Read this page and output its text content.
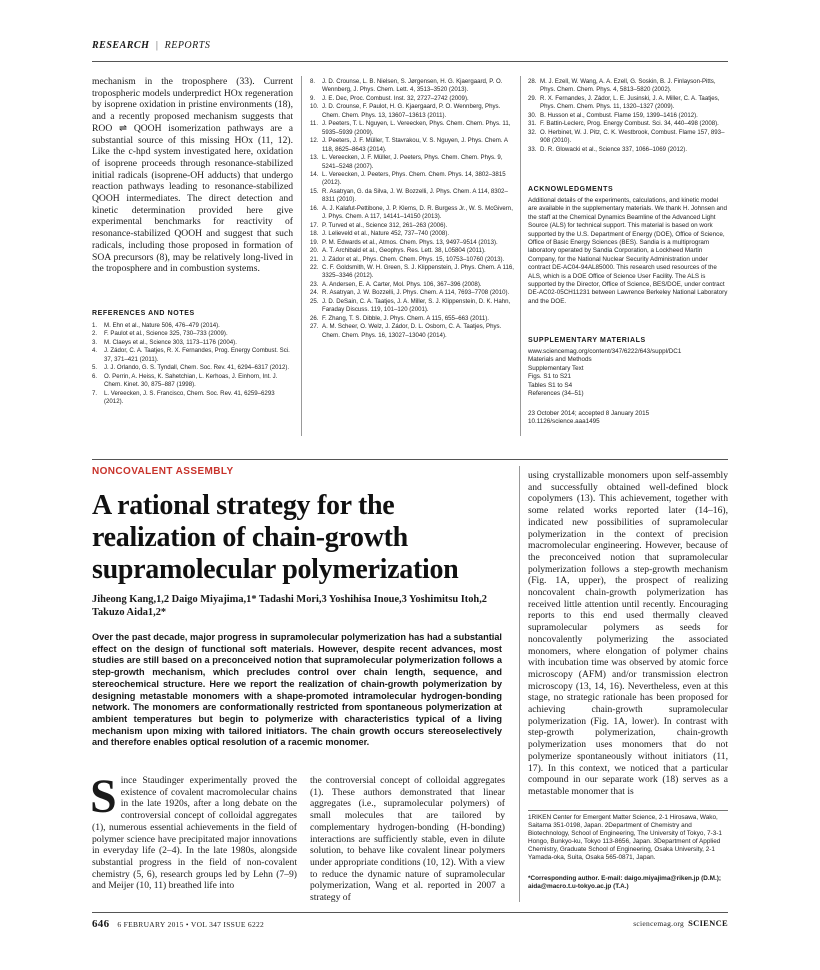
RESEARCH | REPORTS

mechanism in the troposphere (33). Current tropospheric models underpredict HOx regeneration by isoprene oxidation in pristine environments (18), and a recently proposed mechanism suggests that ROO ⇌ QOOH isomerization pathways are a substantial source of this missing HOx (11, 12). Like the c-hpd system investigated here, oxidation of isoprene proceeds through resonance-stabilized initial radicals (isoprene-OH adducts) that undergo reaction pathways leading to resonance-stabilized QOOH intermediates. The direct detection and kinetic determination provided here give experimental benchmarks for reactivity of resonance-stabilized QOOH and suggest that such radicals, including those proposed in formation of SOA precursors (8), may be relatively long-lived in the troposphere and in combustion systems.

REFERENCES AND NOTES
1.	M. Ehn et al., Nature 506, 476–479 (2014).
2.	F. Paulot et al., Science 325, 730–733 (2009).
3.	M. Claeys et al., Science 303, 1173–1176 (2004).
4.	J. Zádor, C. A. Taatjes, R. X. Fernandes, Prog. Energy Combust. Sci. 37, 371–421 (2011).
5.	J. J. Orlando, G. S. Tyndall, Chem. Soc. Rev. 41, 6294–6317 (2012).
6.	O. Perrin, A. Heiss, K. Sahetchian, L. Kerhoas, J. Einhorn, Int. J. Chem. Kinet. 30, 875–887 (1998).
7.	L. Vereecken, J. S. Francisco, Chem. Soc. Rev. 41, 6259–6293 (2012).
8.	J. D. Crounse, L. B. Nielsen, S. Jørgensen, H. G. Kjaergaard, P. O. Wennberg, J. Phys. Chem. Lett. 4, 3513–3520 (2013).
9.	J. E. Dec, Proc. Combust. Inst. 32, 2727–2742 (2009).
10. J. D. Crounse, F. Paulot, H. G. Kjaergaard, P. O. Wennberg, Phys. Chem. Chem. Phys. 13, 13607–13613 (2011).
11. J. Peeters, T. L. Nguyen, L. Vereecken, Phys. Chem. Chem. Phys. 11, 5935–5939 (2009).
12. J. Peeters, J. F. Müller, T. Stavrakou, V. S. Nguyen, J. Phys. Chem. A 118, 8625–8643 (2014).
13. L. Vereecken, J. F. Müller, J. Peeters, Phys. Chem. Chem. Phys. 9, 5241–5248 (2007).
14. L. Vereecken, J. Peeters, Phys. Chem. Chem. Phys. 14, 3802–3815 (2012).
15. R. Asatryan, G. da Silva, J. W. Bozzelli, J. Phys. Chem. A 114, 8302–8311 (2010).
16. A. J. Kalafut-Pettibone, J. P. Klems, D. R. Burgess Jr., W. S. McGivern, J. Phys. Chem. A 117, 14141–14150 (2013).
17. P. Turved et al., Science 312, 261–263 (2006).
18. J. Lelieveld et al., Nature 452, 737–740 (2008).
19. P. M. Edwards et al., Atmos. Chem. Phys. 13, 9497–9514 (2013).
20. A. T. Archibald et al., Geophys. Res. Lett. 38, L05804 (2011).
21. J. Zádor et al., Phys. Chem. Chem. Phys. 15, 10753–10760 (2013).
22. C. F. Goldsmith, W. H. Green, S. J. Klippenstein, J. Phys. Chem. A 116, 3325–3346 (2012).
23. A. Andersen, E. A. Carter, Mol. Phys. 106, 367–396 (2008).
24. R. Asatryan, J. W. Bozzelli, J. Phys. Chem. A 114, 7693–7708 (2010).
25. J. D. DeSain, C. A. Taatjes, J. A. Miller, S. J. Klippenstein, D. K. Hahn, Faraday Discuss. 119, 101–120 (2001).
26. F. Zhang, T. S. Dibble, J. Phys. Chem. A 115, 655–663 (2011).
27. A. M. Scheer, O. Welz, J. Zádor, D. L. Osborn, C. A. Taatjes, Phys. Chem. Chem. Phys. 16, 13027–13040 (2014).
28. M. J. Ezell, W. Wang, A. A. Ezell, G. Soskin, B. J. Finlayson-Pitts, Phys. Chem. Chem. Phys. 4, 5813–5820 (2002).
29. R. X. Fernandes, J. Zádor, L. E. Jusinski, J. A. Miller, C. A. Taatjes, Phys. Chem. Chem. Phys. 11, 1320–1327 (2009).
30. B. Husson et al., Combust. Flame 159, 1399–1416 (2012).
31. F. Battin-Leclerc, Prog. Energy Combust. Sci. 34, 440–498 (2008).
32. O. Herbinet, W. J. Pitz, C. K. Westbrook, Combust. Flame 157, 893–908 (2010).
33. D. R. Glowacki et al., Science 337, 1066–1069 (2012).
ACKNOWLEDGMENTS
Additional details of the experiments, calculations, and kinetic model are available in the supplementary materials. We thank H. Johnsen and the staff at the Chemical Dynamics Beamline of the Advanced Light Source (ALS) for technical support. This material is based on work supported by the U.S. Department of Energy (DOE), Office of Science, Office of Basic Energy Sciences (BES). Sandia is a multiprogram laboratory operated by Sandia Corporation, a Lockheed Martin Company, for the National Nuclear Security Administration under contract DE-AC04-94AL85000. This research used resources of the ALS, which is a DOE Office of Science User Facility. The ALS is supported by the Director, Office of Science, BES/DOE, under contract DE-AC02-05CH11231 between Lawrence Berkeley National Laboratory and the DOE.
SUPPLEMENTARY MATERIALS
www.sciencemag.org/content/347/6222/643/suppl/DC1
Materials and Methods
Supplementary Text
Figs. S1 to S21
Tables S1 to S4
References (34–51)
23 October 2014; accepted 8 January 2015
10.1126/science.aaa1495
NONCOVALENT ASSEMBLY
A rational strategy for the realization of chain-growth supramolecular polymerization
Jiheong Kang,1,2 Daigo Miyajima,1* Tadashi Mori,3 Yoshihisa Inoue,3 Yoshimitsu Itoh,2 Takuzo Aida1,2*
Over the past decade, major progress in supramolecular polymerization has had a substantial effect on the design of functional soft materials. However, despite recent advances, most studies are still based on a preconceived notion that supramolecular polymerization follows a step-growth mechanism, which precludes control over chain length, sequence, and stereochemical structure. Here we report the realization of chain-growth polymerization by designing metastable monomers with a shape-promoted intramolecular hydrogen-bonding network. The monomers are conformationally restricted from spontaneous polymerization at ambient temperatures but begin to polymerize with characteristics typical of a living mechanism upon mixing with tailored initiators. The chain growth occurs stereoselectively and therefore enables optical resolution of a racemic monomer.
Since Staudinger experimentally proved the existence of covalent macromolecular chains in the late 1920s, after a long debate on the controversial concept of colloidal aggregates (1), numerous essential achievements in the field of polymer science have precipitated major innovations in everyday life (2–4). In the late 1980s, alongside substantial progress in the field of non-covalent chemistry (5, 6), research groups led by Lehn (7–9) and Meijer (10, 11) breathed life into

the controversial concept of colloidal aggregates (1). These authors demonstrated that linear aggregates (i.e., supramolecular polymers) of small molecules that are tailored by complementary hydrogen-bonding (H-bonding) interactions are sufficiently stable, even in dilute solution, to behave like covalent linear polymers under appropriate conditions (10, 12). With a view to reduce the dynamic nature of supramolecular polymerization, Wang et al. reported in 2007 a strategy of

using crystallizable monomers upon self-assembly and successfully obtained well-defined block copolymers (13). This achievement, together with some related works reported later (14–16), indicated new possibilities of supramolecular polymerization in the context of precision macromolecular engineering. However, because of the preconceived notion that supramolecular polymerization follows a step-growth mechanism (Fig. 1A, upper), the prospect of realizing noncovalent chain-growth polymerization has received little attention until recently. Encouraging reports to this end used thermally cleaved supramolecular polymers as seeds for noncovalently polymerizing the associated monomers, where elongation of polymer chains with incubation time was observed by atomic force microscopy (AFM) and/or transmission electron microscopy (13, 14, 16). Nevertheless, even at this stage, no strategic rationale has been proposed for achieving chain-growth supramolecular polymerization (Fig. 1A, lower). In contrast with step-growth polymerization, chain-growth polymerization uses monomers that do not polymerize spontaneously without initiators (11, 17). In this context, we noticed that a particular compound in our separate work (18) serves as a metastable monomer that is

1RIKEN Center for Emergent Matter Science, 2-1 Hirosawa, Wako, Saitama 351-0198, Japan. 2Department of Chemistry and Biotechnology, School of Engineering, The University of Tokyo, 7-3-1 Hongo, Bunkyo-ku, Tokyo 113-8656, Japan. 3Department of Applied Chemistry, Graduate School of Engineering, Osaka University, 2-1 Yamada-oka, Suita, Osaka 565-0871, Japan.
*Corresponding author. E-mail: daigo.miyajima@riken.jp (D.M.); aida@macro.t.u-tokyo.ac.jp (T.A.)
646 6 FEBRUARY 2015 • VOL 347 ISSUE 6222	sciencemag.org SCIENCE
